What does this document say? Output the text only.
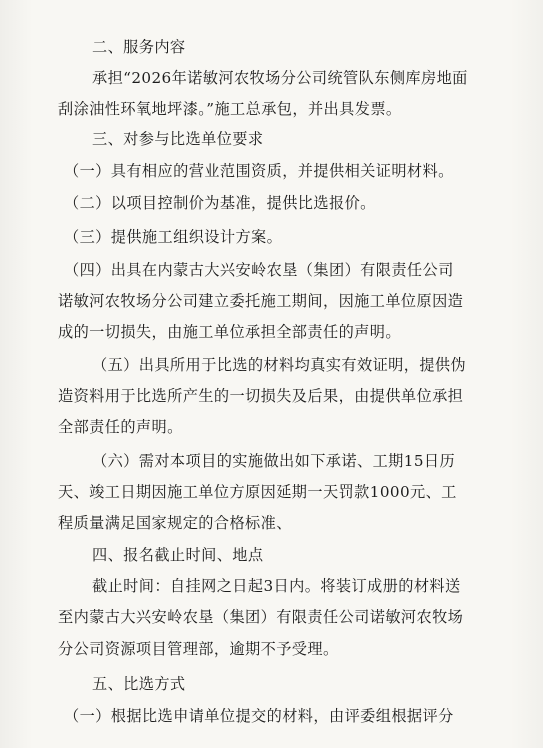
二、服务内容
承担“2026年诺敏河农牧场分公司统管队东侧库房地面
刮涂油性环氧地坪漆。”施工总承包，并出具发票。
三、对参与比选单位要求
（一）具有相应的营业范围资质，并提供相关证明材料。
（二）以项目控制价为基准，提供比选报价。
（三）提供施工组织设计方案。
（四）出具在内蒙古大兴安岭农垦（集团）有限责任公司
诺敏河农牧场分公司建立委托施工期间，因施工单位原因造
成的一切损失，由施工单位承担全部责任的声明。
（五）出具所用于比选的材料均真实有效证明，提供伪
造资料用于比选所产生的一切损失及后果，由提供单位承担
全部责任的声明。
（六）需对本项目的实施做出如下承诺、工期15日历
天、竣工日期因施工单位方原因延期一天罚款1000元、工
程质量满足国家规定的合格标准、
四、报名截止时间、地点
截止时间：自挂网之日起3日内。将装订成册的材料送
至内蒙古大兴安岭农垦（集团）有限责任公司诺敏河农牧场
分公司资源项目管理部，逾期不予受理。
五、比选方式
（一）根据比选申请单位提交的材料，由评委组根据评分
